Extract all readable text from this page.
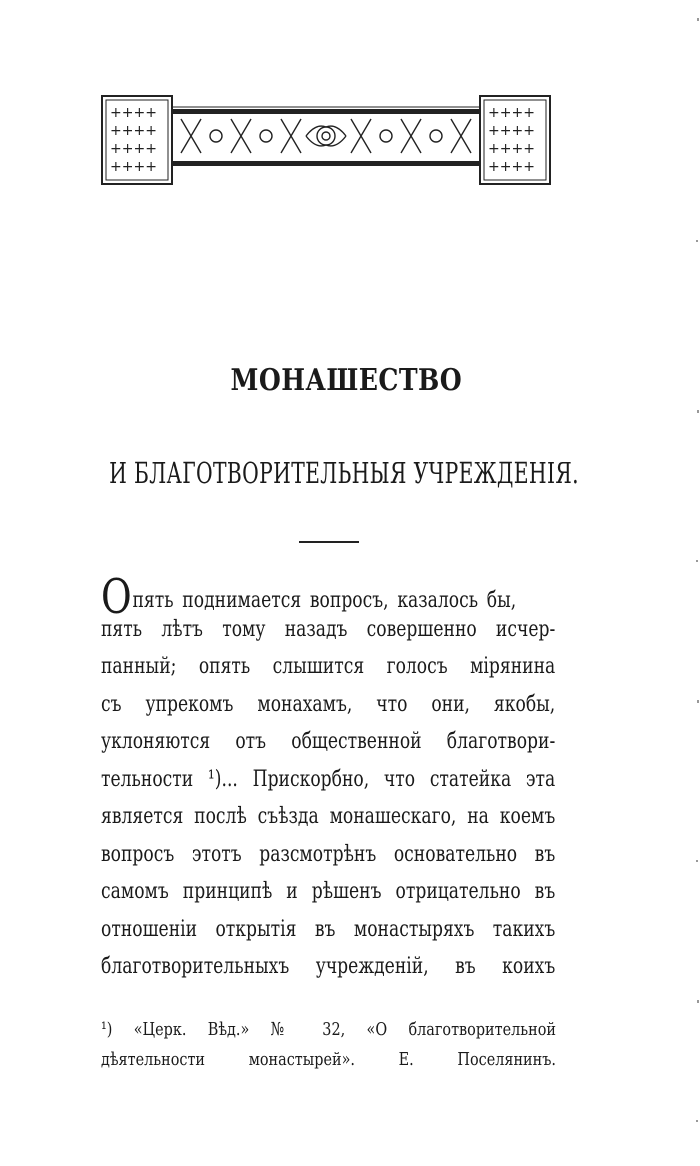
++++
++++
++++
++++
++++
++++
++++
++++
МОНАШЕСТВО
И БЛАГОТВОРИТЕЛЬНЫЯ УЧРЕЖДЕНІЯ.
Опять поднимается вопросъ, казалось бы,
пять лѣтъ тому назадъ совершенно исчер-
панный; опять слышится голосъ мірянина
съ упрекомъ монахамъ, что они, якобы,
уклоняются отъ общественной благотвори-
тельности ¹)... Прискорбно, что статейка эта
является послѣ съѣзда монашескаго, на коемъ
вопросъ этотъ разсмотрѣнъ основательно въ
самомъ принципѣ и рѣшенъ отрицательно въ
отношеніи открытія въ монастыряхъ такихъ
благотворительныхъ учрежденій, въ коихъ
¹) «Церк. Вѣд.» № 32, «О благотворительной
дѣятельности монастырей». Е. Поселянинъ.
